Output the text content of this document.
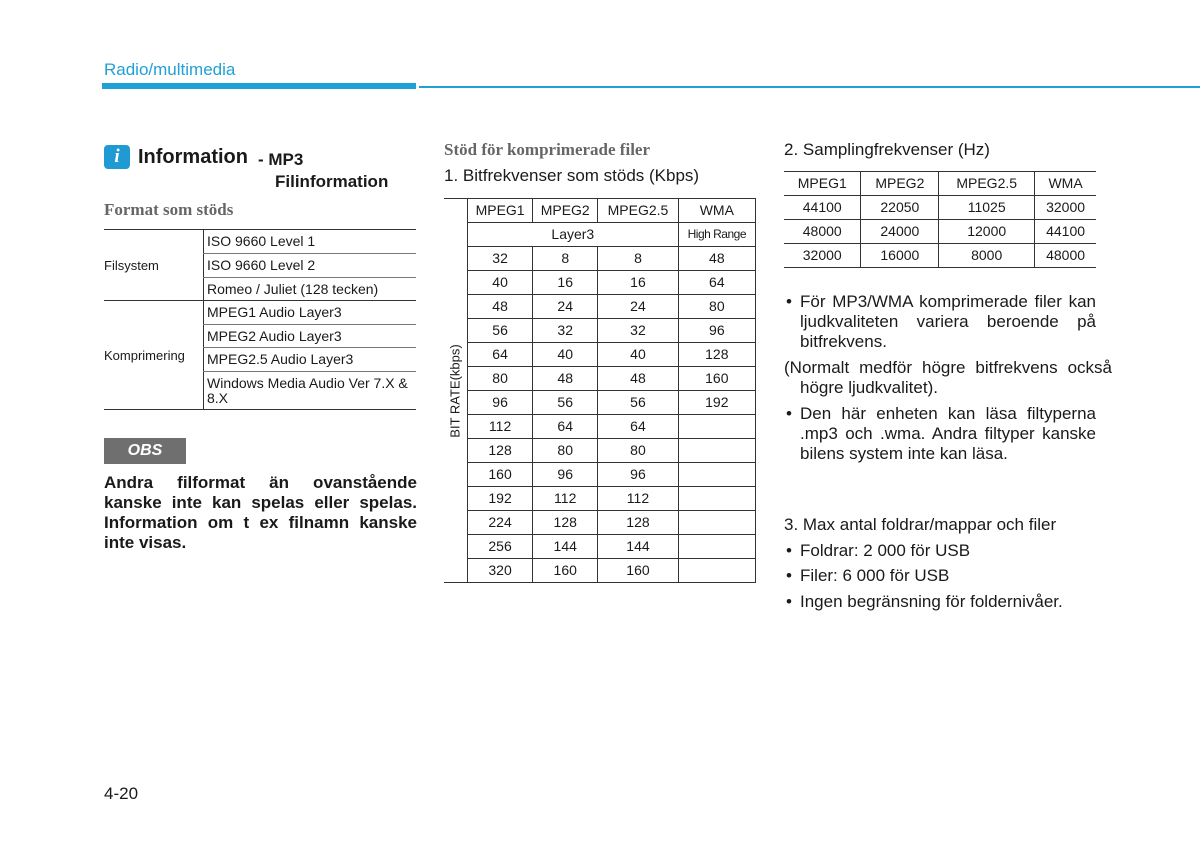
Radio/multimedia
i Information - MP3
Filinformation
Format som stöds
Filsystem	ISO 9660 Level 1
	ISO 9660 Level 2
	Romeo / Juliet (128 tecken)
Komprimering	MPEG1 Audio Layer3
	MPEG2 Audio Layer3
	MPEG2.5 Audio Layer3
	Windows Media Audio Ver 7.X & 8.X
OBS
Andra filformat än ovanstående kanske inte kan spelas eller spelas. Information om t ex filnamn kanske inte visas.
Stöd för komprimerade filer
1. Bitfrekvenser som stöds (Kbps)
BIT RATE(kbps)	MPEG1	MPEG2	MPEG2.5	WMA
	Layer3			High Range
	32	8	8	48
	40	16	16	64
	48	24	24	80
	56	32	32	96
	64	40	40	128
	80	48	48	160
	96	56	56	192
	112	64	64	
	128	80	80	
	160	96	96	
	192	112	112	
	224	128	128	
	256	144	144	
	320	160	160	
2. Samplingfrekvenser (Hz)
MPEG1	MPEG2	MPEG2.5	WMA
44100	22050	11025	32000
48000	24000	12000	44100
32000	16000	8000	48000
• För MP3/WMA komprimerade filer kan ljudkvaliteten variera beroende på bitfrekvens.
(Normalt medför högre bitfrekvens också högre ljudkvalitet).
• Den här enheten kan läsa filtyperna .mp3 och .wma. Andra filtyper kanske bilens system inte kan läsa.
3. Max antal foldrar/mappar och filer
• Foldrar: 2 000 för USB
• Filer: 6 000 för USB
• Ingen begränsning för foldernivåer.
4-20
